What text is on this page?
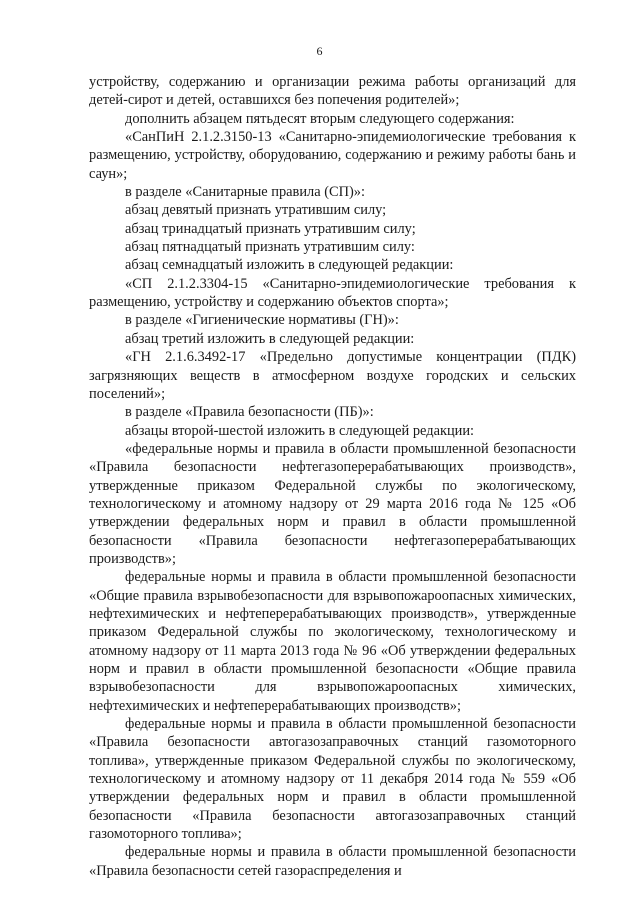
6

устройству, содержанию и организации режима работы организаций для детей-сирот и детей, оставшихся без попечения родителей»;

дополнить абзацем пятьдесят вторым следующего содержания:

«СанПиН 2.1.2.3150-13 «Санитарно-эпидемиологические требования к размещению, устройству, оборудованию, содержанию и режиму работы бань и саун»;

в разделе «Санитарные правила (СП)»:

абзац девятый признать утратившим силу;

абзац тринадцатый признать утратившим силу;

абзац пятнадцатый признать утратившим силу:

абзац семнадцатый изложить в следующей редакции:

«СП 2.1.2.3304-15 «Санитарно-эпидемиологические требования к размещению, устройству и содержанию объектов спорта»;

в разделе «Гигиенические нормативы (ГН)»:

абзац третий изложить в следующей редакции:

«ГН 2.1.6.3492-17 «Предельно допустимые концентрации (ПДК) загрязняющих веществ в атмосферном воздухе городских и сельских поселений»;

в разделе «Правила безопасности (ПБ)»:

абзацы второй-шестой изложить в следующей редакции:

«федеральные нормы и правила в области промышленной безопасности «Правила безопасности нефтегазоперерабатывающих производств», утвержденные приказом Федеральной службы по экологическому, технологическому и атомному надзору от 29 марта 2016 года № 125 «Об утверждении федеральных норм и правил в области промышленной безопасности «Правила безопасности нефтегазоперерабатывающих производств»;

федеральные нормы и правила в области промышленной безопасности «Общие правила взрывобезопасности для взрывопожароопасных химических, нефтехимических и нефтеперерабатывающих производств», утвержденные приказом Федеральной службы по экологическому, технологическому и атомному надзору от 11 марта 2013 года № 96 «Об утверждении федеральных норм и правил в области промышленной безопасности «Общие правила взрывобезопасности для взрывопожароопасных химических, нефтехимических и нефтеперерабатывающих производств»;

федеральные нормы и правила в области промышленной безопасности «Правила безопасности автогазозаправочных станций газомоторного топлива», утвержденные приказом Федеральной службы по экологическому, технологическому и атомному надзору от 11 декабря 2014 года № 559 «Об утверждении федеральных норм и правил в области промышленной безопасности «Правила безопасности автогазозаправочных станций газомоторного топлива»;

федеральные нормы и правила в области промышленной безопасности «Правила безопасности сетей газораспределения и
